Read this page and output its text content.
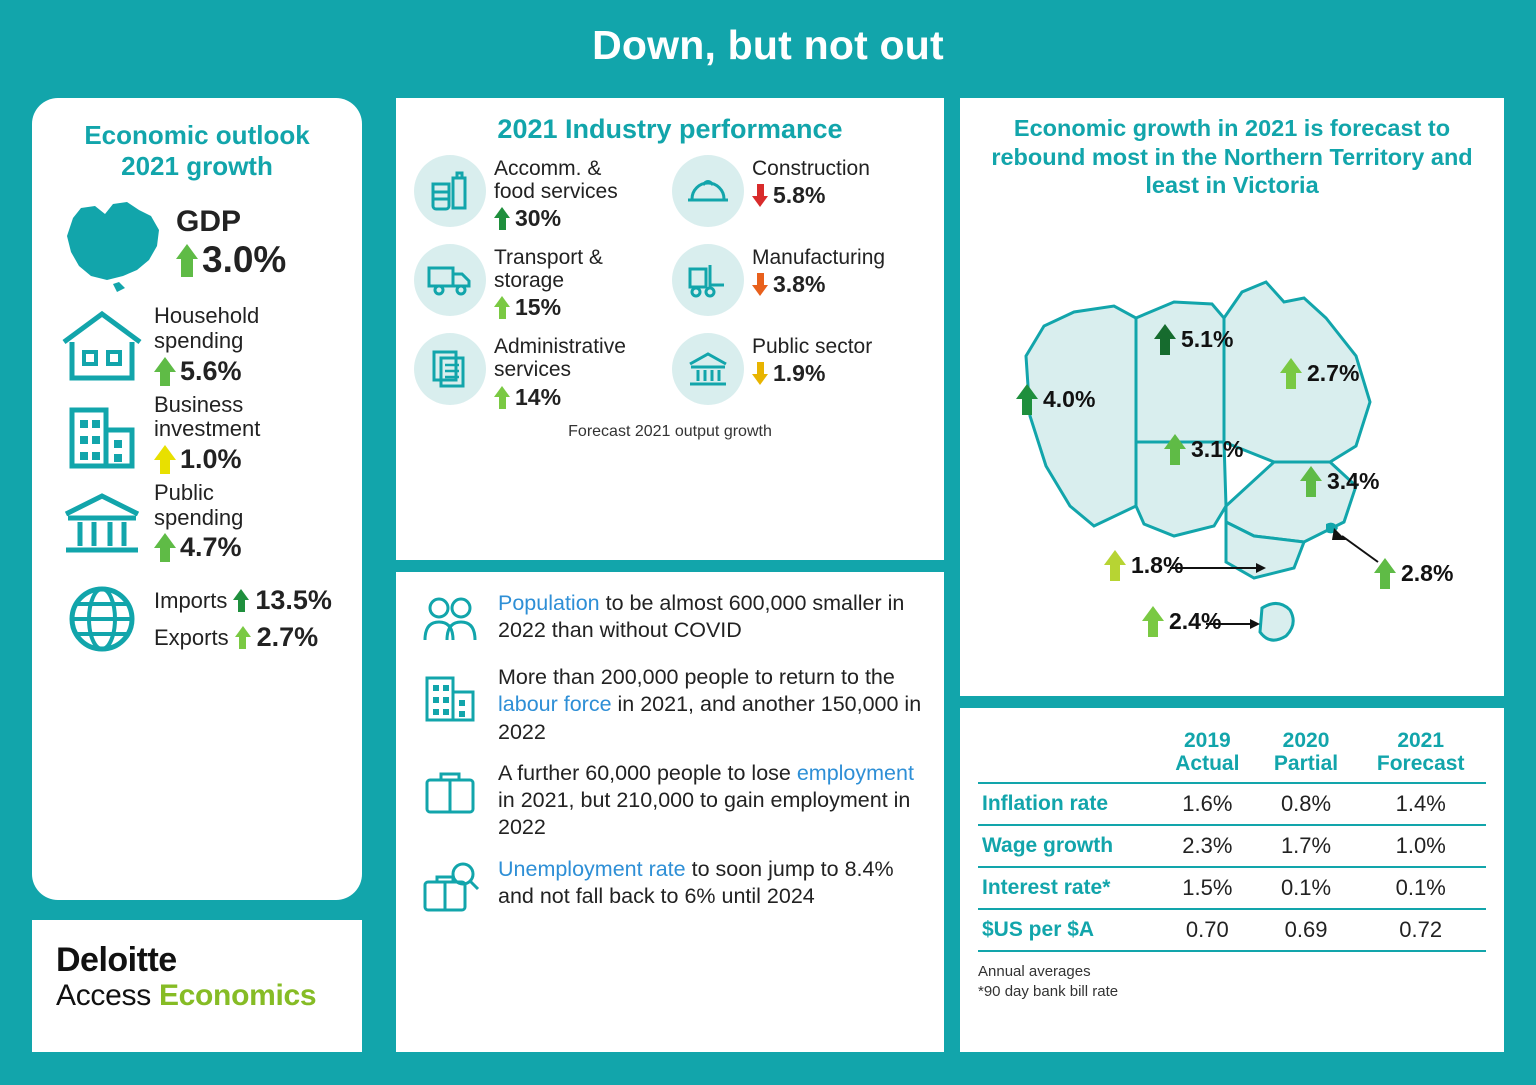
Down, but not out
Economic outlook
2021 growth
GDP
3.0%
Household
spending
5.6%
Business
investment
1.0%
Public
spending
4.7%
Imports 13.5%
Exports 2.7%
Deloitte
Access Economics
2021 Industry performance
Accomm. &
food services
30%
Construction
5.8%
Transport &
storage
15%
Manufacturing
3.8%
Administrative
services
14%
Public sector
1.9%
Forecast 2021 output growth
Population to be almost 600,000 smaller in 2022 than without COVID
More than 200,000 people to return to the labour force in 2021, and another 150,000 in 2022
A further 60,000 people to lose employment in 2021, but 210,000 to gain employment in 2022
Unemployment rate to soon jump to 8.4% and not fall back to 6% until 2024
Economic growth in 2021 is forecast to rebound most in the Northern Territory and least in Victoria
4.0%
5.1%
2.7%
3.1%
3.4%
1.8%	2.8%
2.4%

2019
Actual

2020
Partial

2021
Forecast

Inflation rate	1.6%	0.8%	1.4%
Wage growth	2.3%	1.7%	1.0%
Interest rate*	1.5%	0.1%	0.1%
$US per $A	0.70	0.69	0.72
Annual averages
*90 day bank bill rate
